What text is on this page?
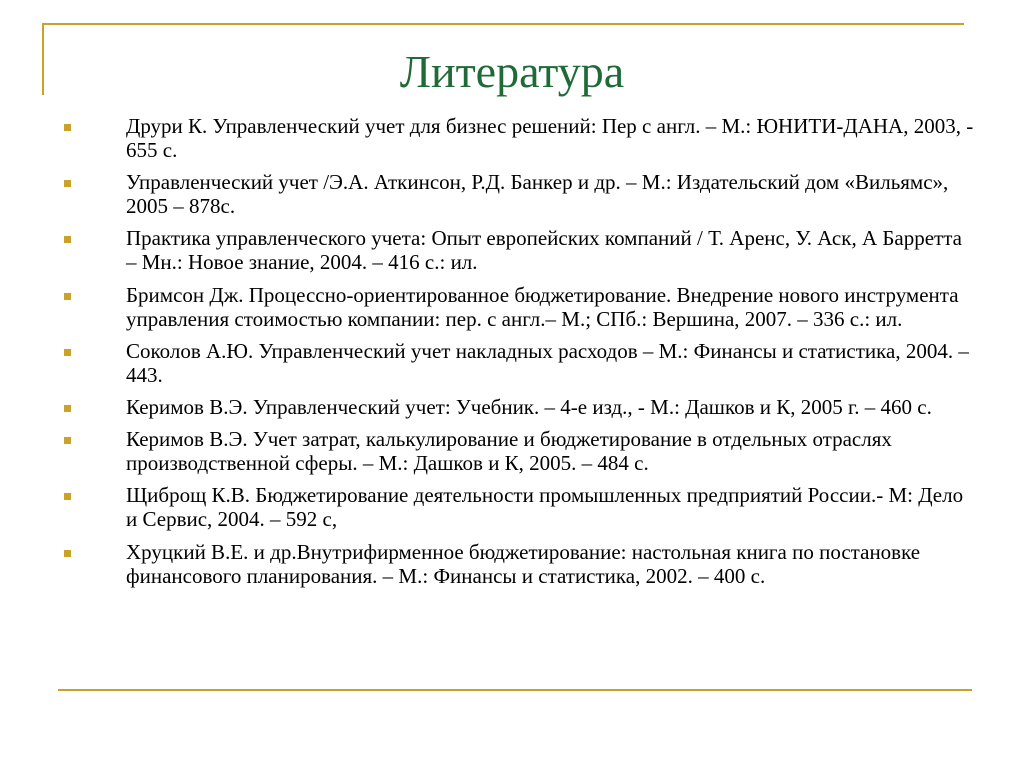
Литература
Друри К. Управленческий учет для бизнес решений: Пер с англ. – М.: ЮНИТИ-ДАНА, 2003, - 655 с.
Управленческий учет /Э.А. Аткинсон, Р.Д. Банкер и др. – М.: Издательский дом «Вильямс», 2005 – 878с.
Практика управленческого учета: Опыт европейских компаний / Т. Аренс, У. Аск, А Барретта – Мн.: Новое знание, 2004. – 416 с.: ил.
Бримсон Дж. Процессно-ориентированное бюджетирование. Внедрение нового инструмента управления стоимостью компании: пер. с англ.– М.; СПб.: Вершина, 2007. – 336 с.: ил.
Соколов А.Ю. Управленческий учет накладных расходов – М.: Финансы и статистика, 2004. – 443.
Керимов В.Э. Управленческий учет: Учебник. – 4-е изд., - М.: Дашков и К, 2005 г. – 460 с.
Керимов В.Э. Учет затрат, калькулирование и бюджетирование в отдельных отраслях производственной сферы. – М.: Дашков и К, 2005. – 484 с.
Щиброщ К.В. Бюджетирование деятельности промышленных предприятий России.- М: Дело и Сервис, 2004. – 592 с,
Хруцкий В.Е. и др.Внутрифирменное бюджетирование: настольная книга по постановке финансового планирования. – М.: Финансы и статистика, 2002. – 400 с.
